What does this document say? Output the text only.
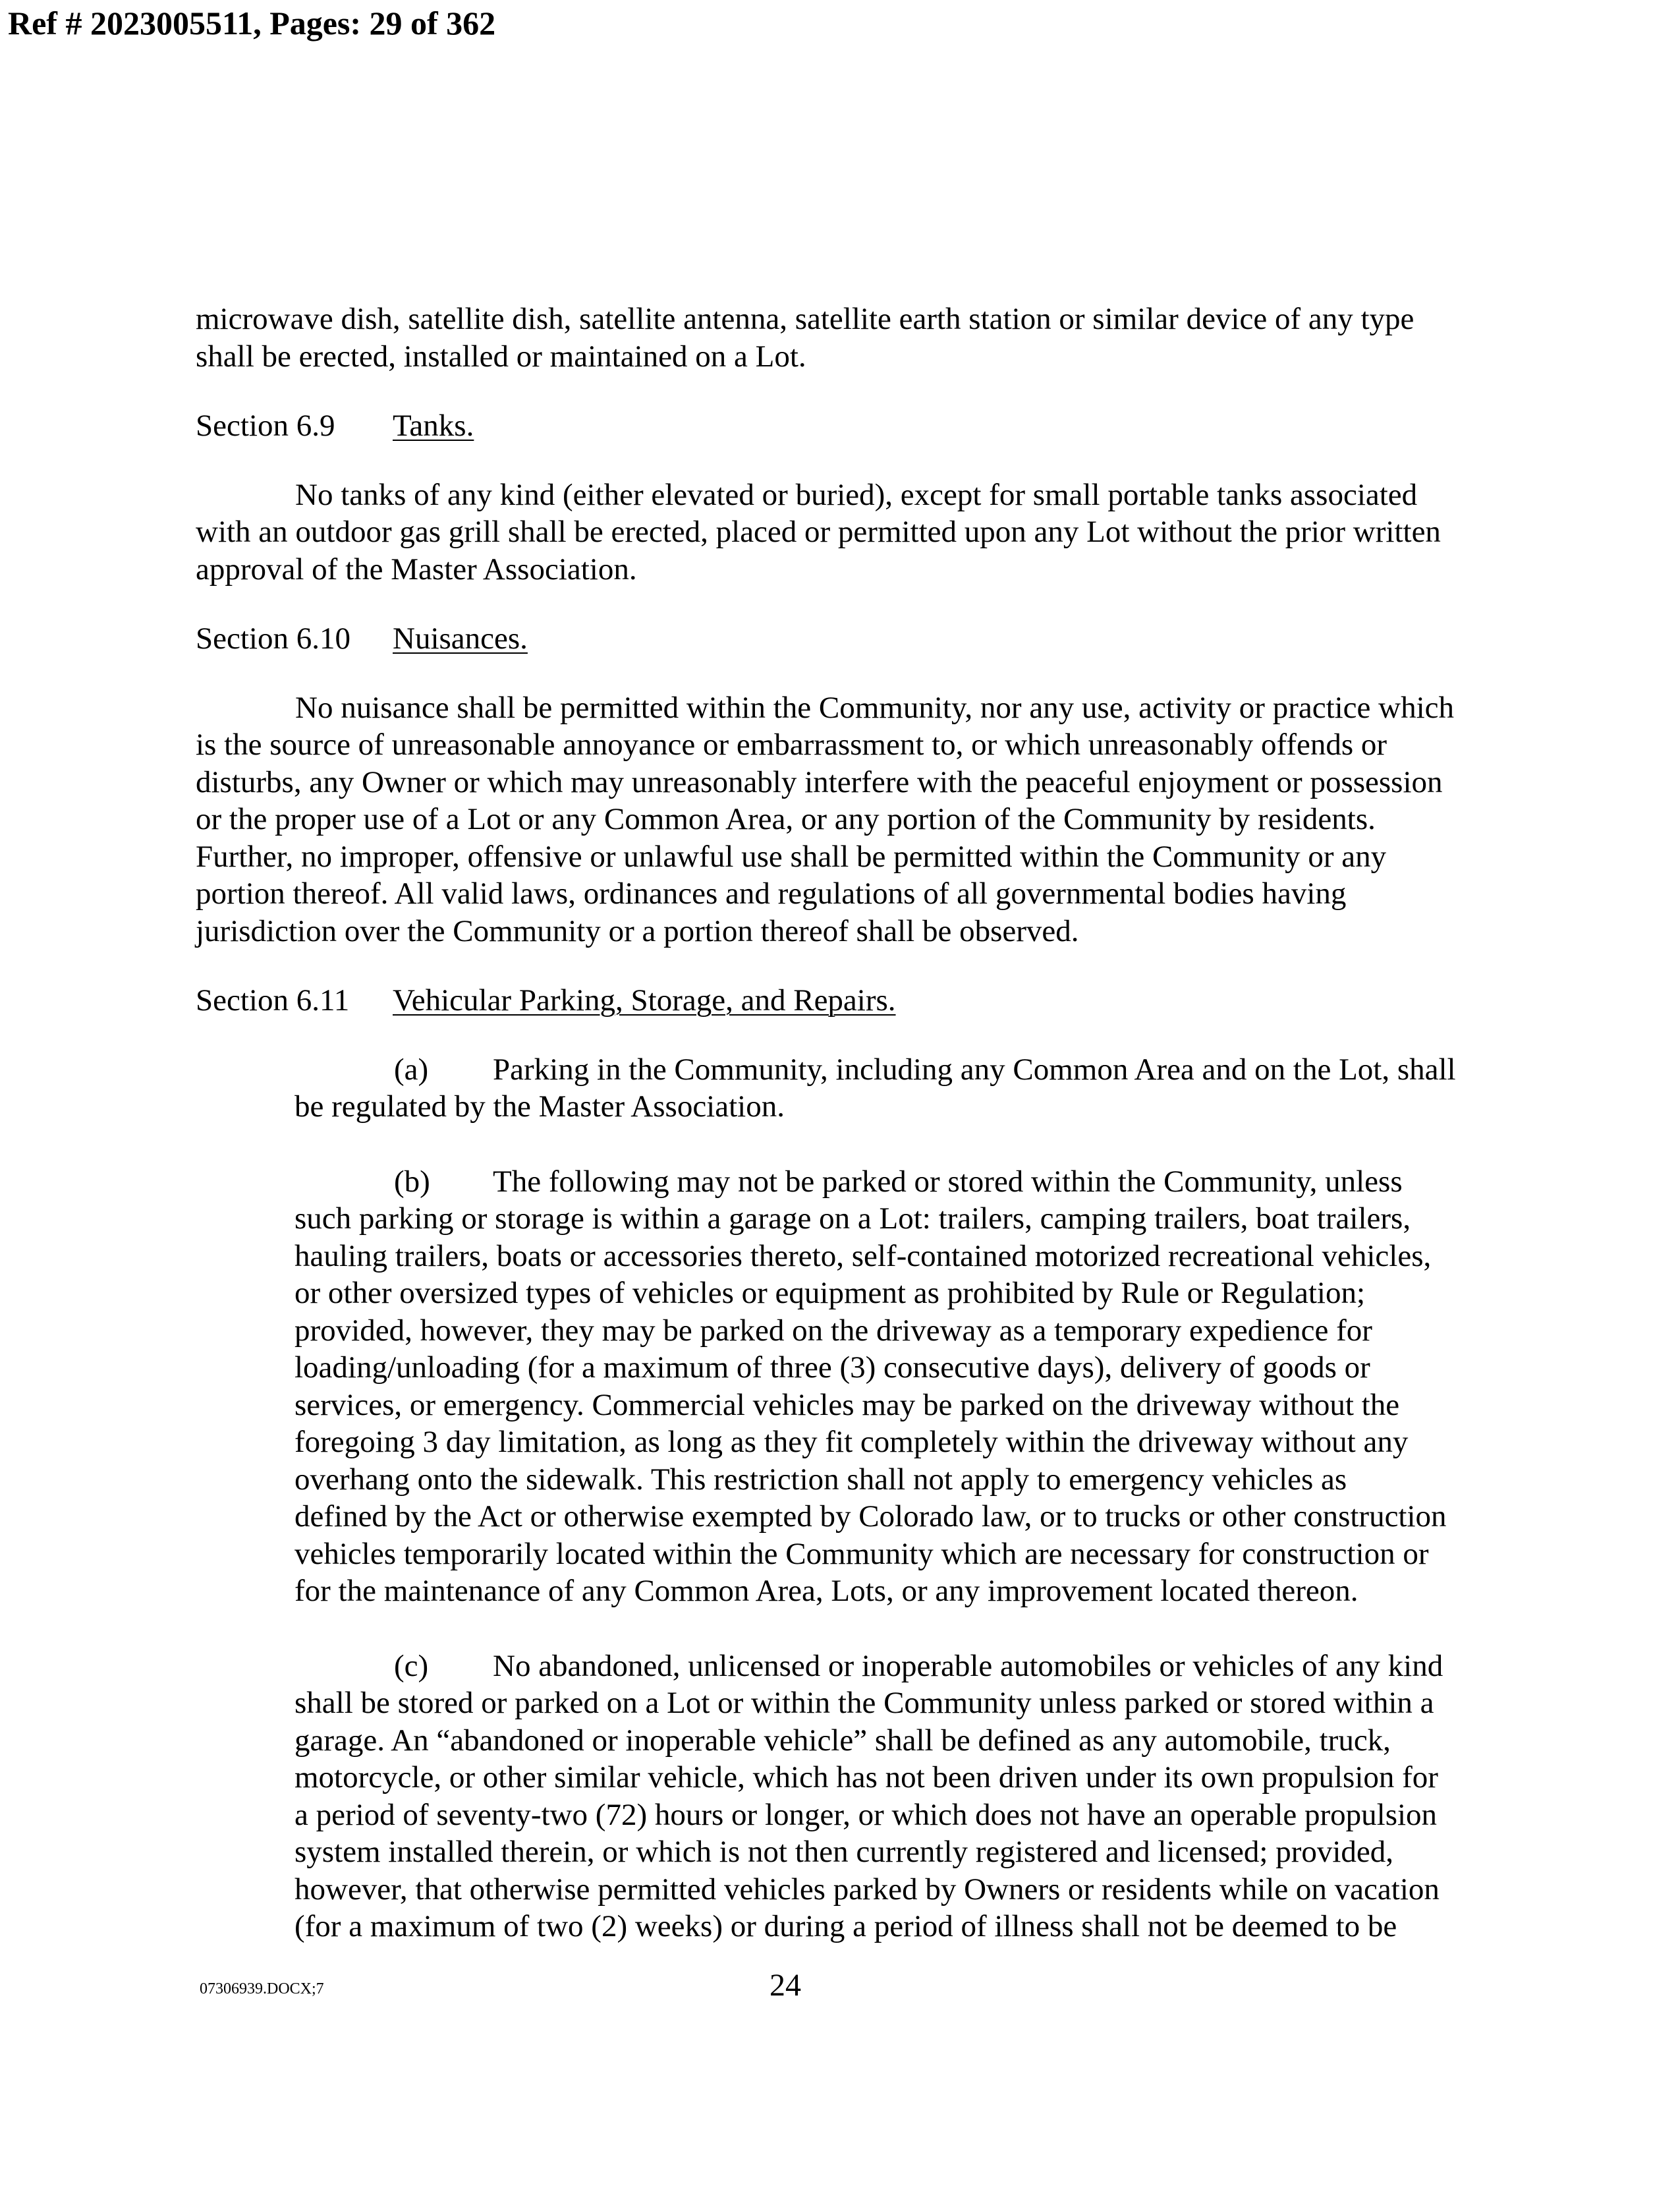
Ref # 2023005511, Pages: 29 of 362

microwave dish, satellite dish, satellite antenna, satellite earth station or similar device of any type
shall be erected, installed or maintained on a Lot.

Section 6.9 Tanks.

No tanks of any kind (either elevated or buried), except for small portable tanks associated
with an outdoor gas grill shall be erected, placed or permitted upon any Lot without the prior written
approval of the Master Association.

Section 6.10 Nuisances.

No nuisance shall be permitted within the Community, nor any use, activity or practice which
is the source of unreasonable annoyance or embarrassment to, or which unreasonably offends or
disturbs, any Owner or which may unreasonably interfere with the peaceful enjoyment or possession
or the proper use of a Lot or any Common Area, or any portion of the Community by residents.
Further, no improper, offensive or unlawful use shall be permitted within the Community or any
portion thereof. All valid laws, ordinances and regulations of all governmental bodies having
jurisdiction over the Community or a portion thereof shall be observed.

Section 6.11 Vehicular Parking, Storage, and Repairs.

(a) Parking in the Community, including any Common Area and on the Lot, shall
be regulated by the Master Association.

(b) The following may not be parked or stored within the Community, unless
such parking or storage is within a garage on a Lot: trailers, camping trailers, boat trailers,
hauling trailers, boats or accessories thereto, self-contained motorized recreational vehicles,
or other oversized types of vehicles or equipment as prohibited by Rule or Regulation;
provided, however, they may be parked on the driveway as a temporary expedience for
loading/unloading (for a maximum of three (3) consecutive days), delivery of goods or
services, or emergency. Commercial vehicles may be parked on the driveway without the
foregoing 3 day limitation, as long as they fit completely within the driveway without any
overhang onto the sidewalk. This restriction shall not apply to emergency vehicles as
defined by the Act or otherwise exempted by Colorado law, or to trucks or other construction
vehicles temporarily located within the Community which are necessary for construction or
for the maintenance of any Common Area, Lots, or any improvement located thereon.

(c) No abandoned, unlicensed or inoperable automobiles or vehicles of any kind
shall be stored or parked on a Lot or within the Community unless parked or stored within a
garage. An “abandoned or inoperable vehicle” shall be defined as any automobile, truck,
motorcycle, or other similar vehicle, which has not been driven under its own propulsion for
a period of seventy-two (72) hours or longer, or which does not have an operable propulsion
system installed therein, or which is not then currently registered and licensed; provided,
however, that otherwise permitted vehicles parked by Owners or residents while on vacation
(for a maximum of two (2) weeks) or during a period of illness shall not be deemed to be

07306939.DOCX;7	24
